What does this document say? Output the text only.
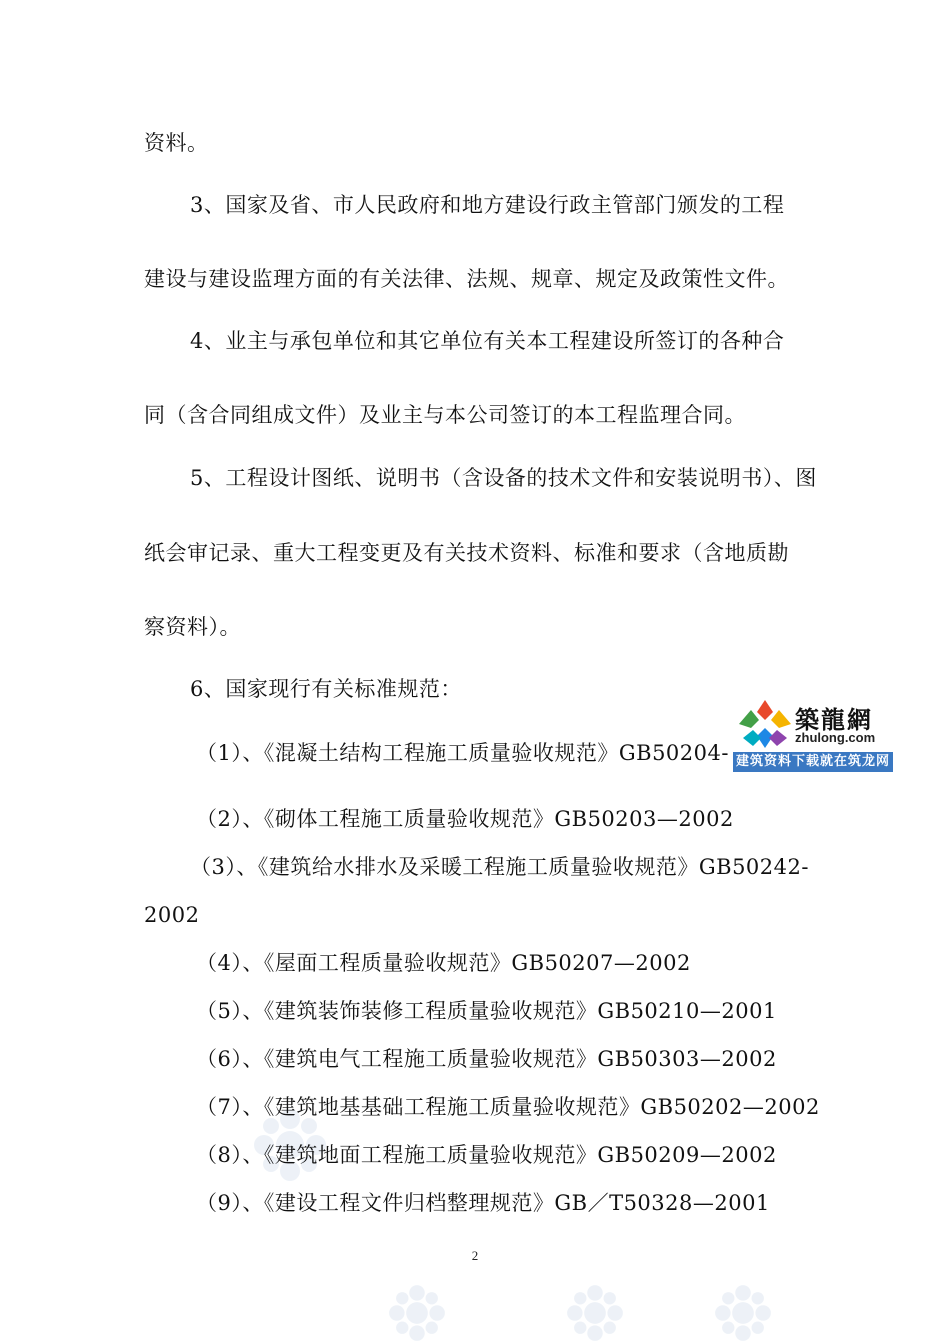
资料。
3、国家及省、市人民政府和地方建设行政主管部门颁发的工程
建设与建设监理方面的有关法律、法规、规章、规定及政策性文件。
4、业主与承包单位和其它单位有关本工程建设所签订的各种合
同（含合同组成文件）及业主与本公司签订的本工程监理合同。
5、工程设计图纸、说明书（含设备的技术文件和安装说明书）、图
纸会审记录、重大工程变更及有关技术资料、标准和要求（含地质勘
察资料）。
6、国家现行有关标准规范：
（1）、《混凝土结构工程施工质量验收规范》GB50204-
（2）、《砌体工程施工质量验收规范》GB50203—2002
（3）、《建筑给水排水及采暖工程施工质量验收规范》GB50242-
2002
（4）、《屋面工程质量验收规范》GB50207—2002
（5）、《建筑装饰装修工程质量验收规范》GB50210—2001
（6）、《建筑电气工程施工质量验收规范》GB50303—2002
（7）、《建筑地基基础工程施工质量验收规范》GB50202—2002
（8）、《建筑地面工程施工质量验收规范》GB50209—2002
（9）、《建设工程文件归档整理规范》GB／T50328—2001
2
築龍網
zhulong.com
建筑资料下载就在筑龙网
